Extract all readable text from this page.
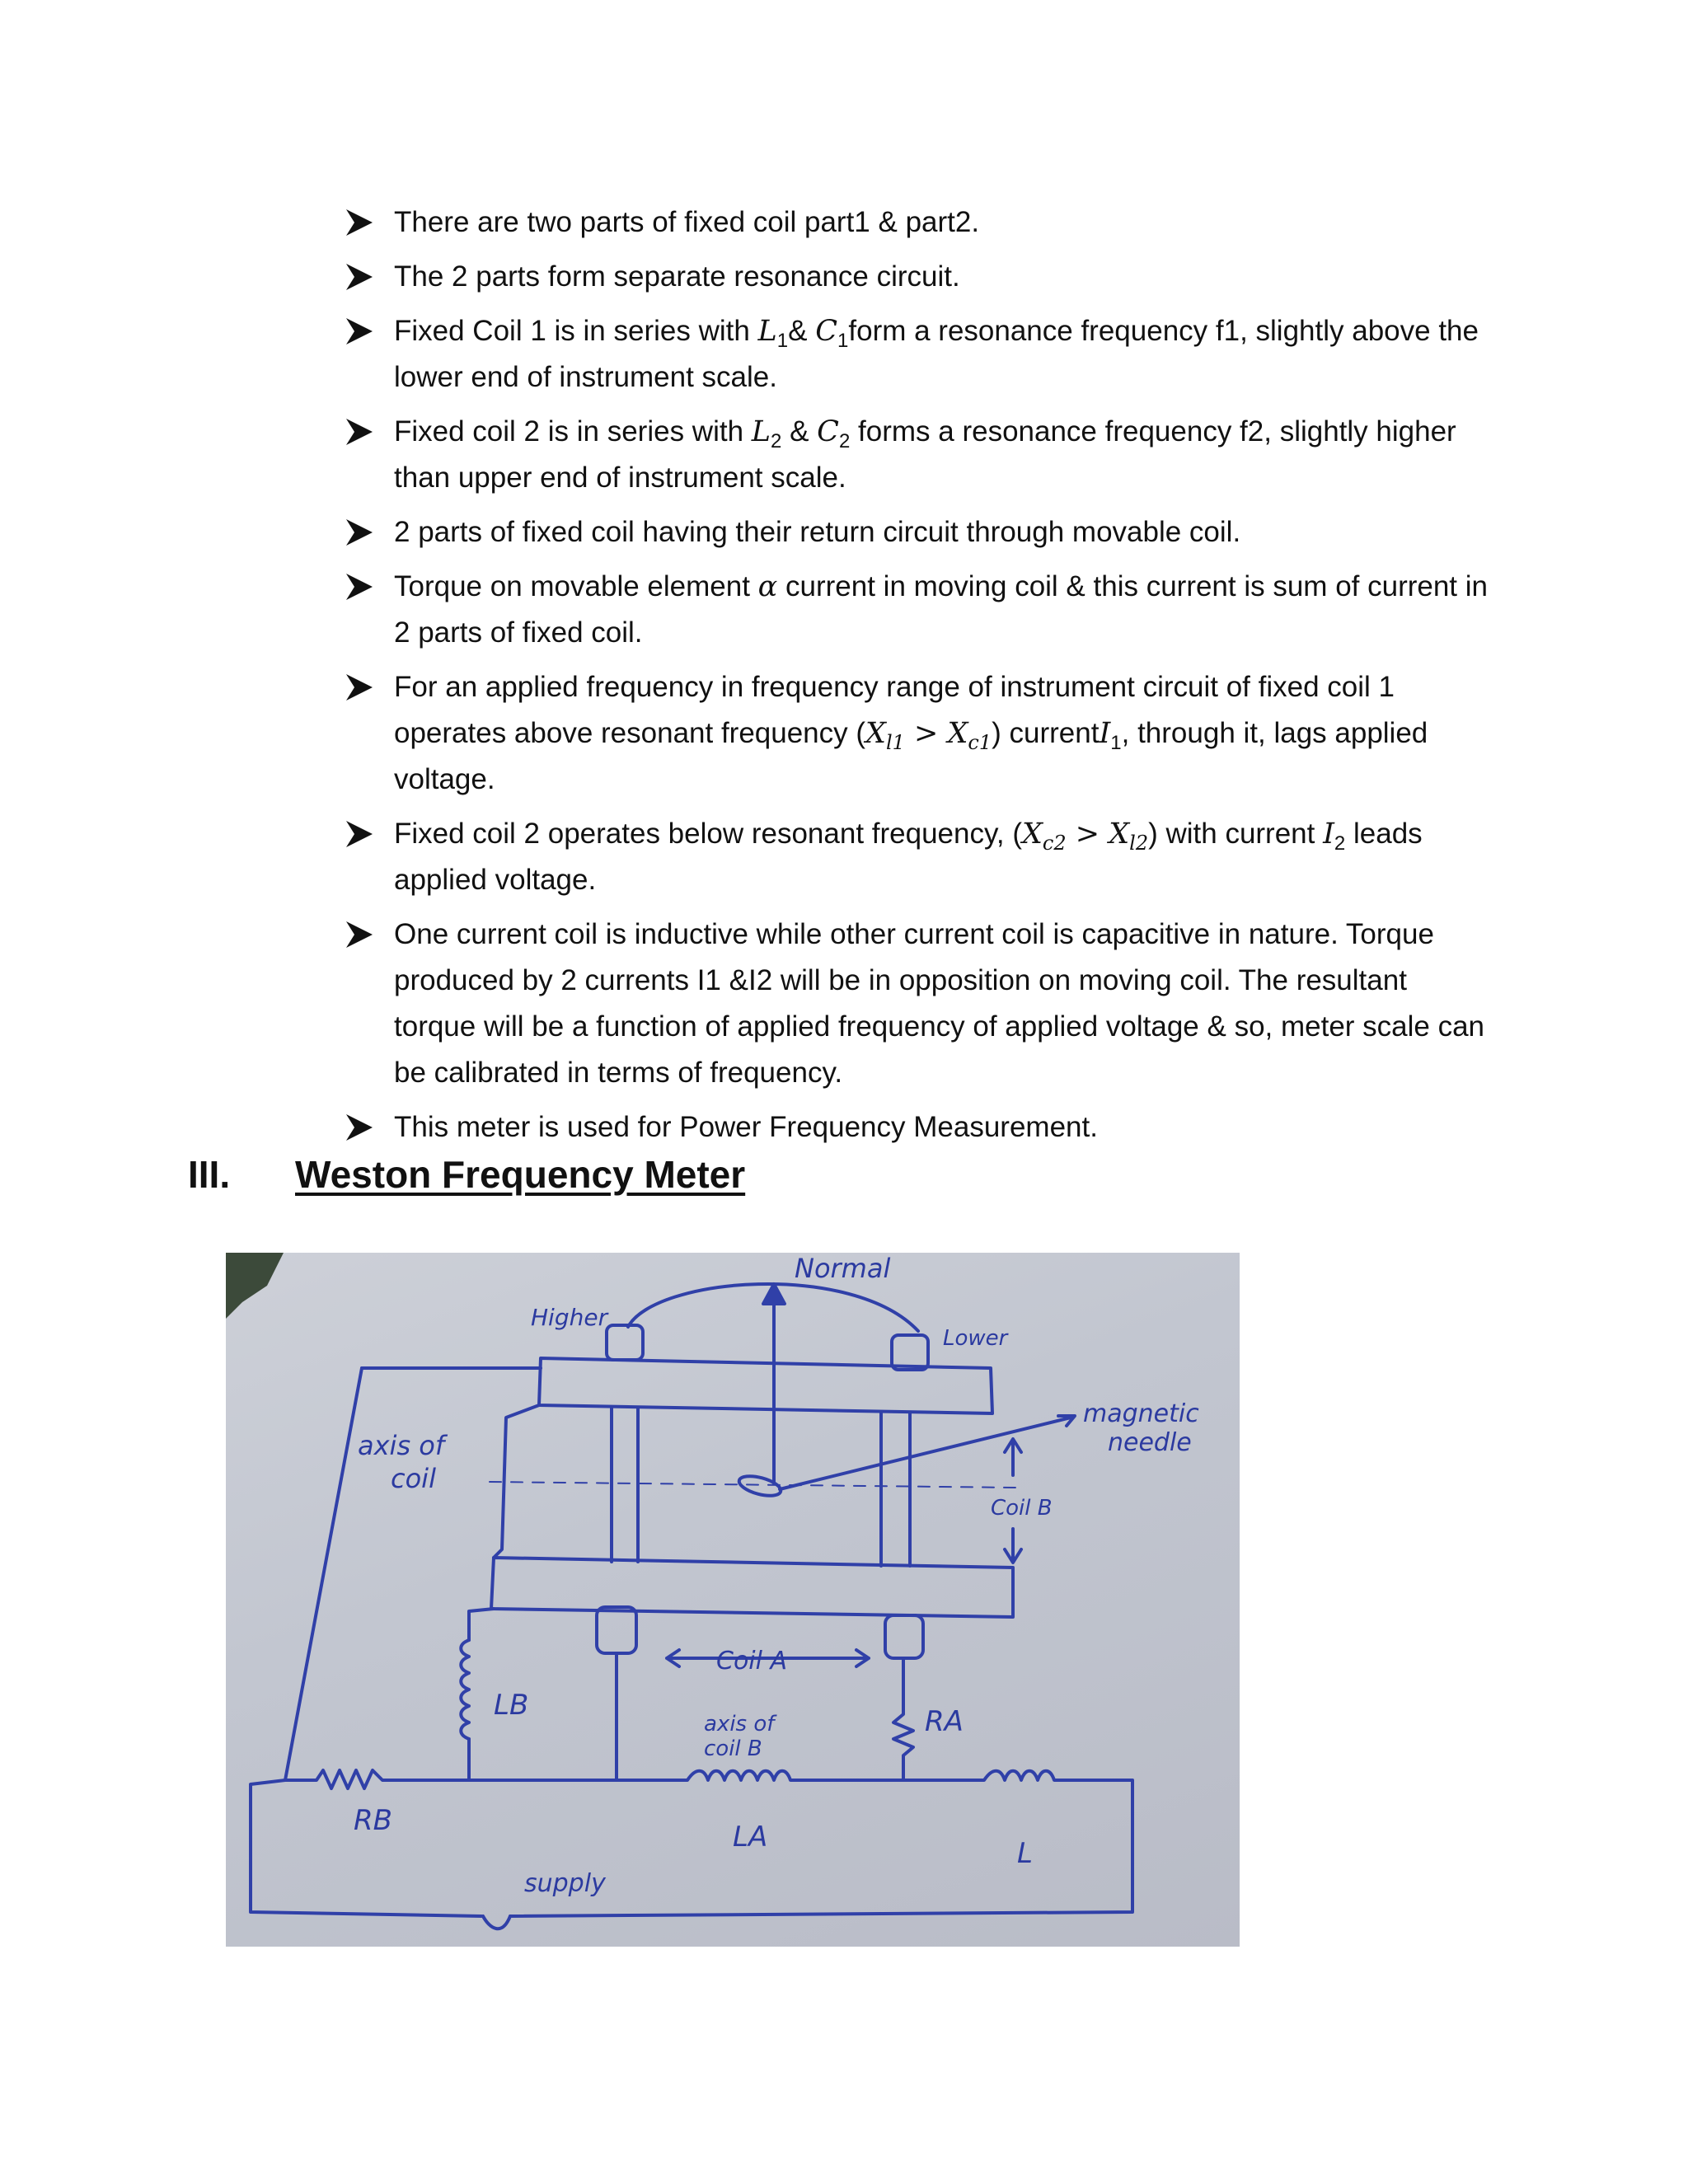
There are two parts of fixed coil part1 & part2.
The 2 parts form separate resonance circuit.
Fixed Coil 1 is in series with $L_1\&$ $C_1form$ a resonance frequency f1, slightly above the lower end of instrument scale.
Fixed coil 2 is in series with $L_2$ & $C_2$ forms a resonance frequency f2, slightly higher than upper end of instrument scale.
2 parts of fixed coil having their return circuit through movable coil.
Torque on movable element α current in moving coil & this current is sum of current in 2 parts of fixed coil.
For an applied frequency in frequency range of instrument circuit of fixed coil 1 operates above resonant frequency $(X_{l1} > X_{c1})$ currentI$_1$, through it, lags applied voltage.
Fixed coil 2 operates below resonant frequency, $(X_{c2} > X_{l2})$ with current $I_2$ leads applied voltage.
One current coil is inductive while other current coil is capacitive in nature. Torque produced by 2 currents I1 &I2 will be in opposition on moving coil. The resultant torque will be a function of applied frequency of applied voltage & so, meter scale can be calibrated in terms of frequency.
This meter is used for Power Frequency Measurement.
III.	Weston Frequency Meter
Normal
Higher
Lower
magnetic
needle
axis of
coil
Coil B
Coil A
LB	RA
axis of
coil B
RB	LA	L
supply
